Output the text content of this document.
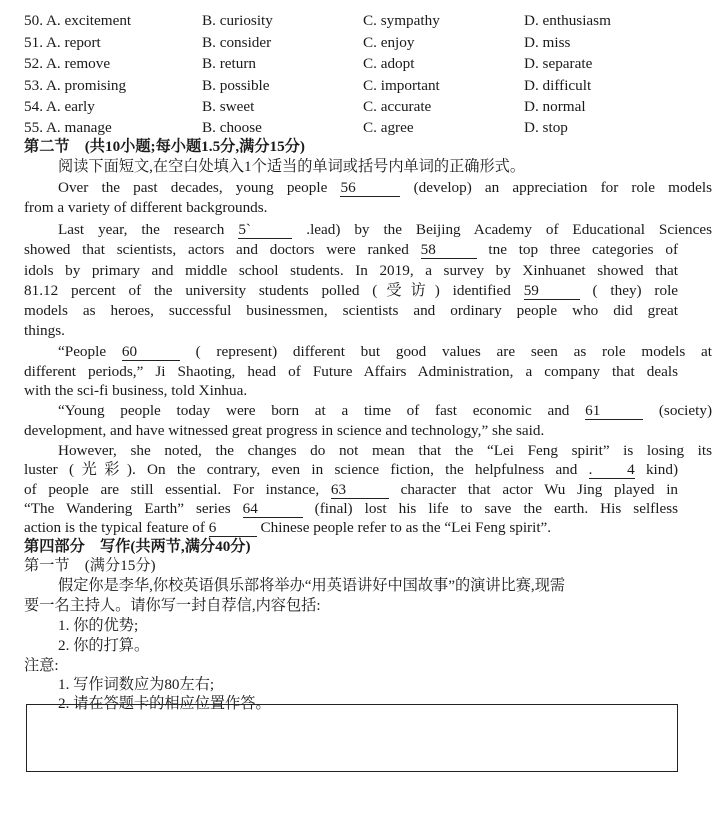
50. A. excitement	B. curiosity	C. sympathy	D. enthusiasm
51. A. report	B. consider	C. enjoy	D. miss
52. A. remove	B. return	C. adopt	D. separate
53. A. promising	B. possible	C. important	D. difficult
54. A. early	B. sweet	C. accurate	D. normal
55. A. manage	B. choose	C. agree	D. stop
第二节　(共10小题;每小题1.5分,满分15分)
阅读下面短文,在空白处填入1个适当的单词或括号内单词的正确形式。
Over the past decades, young people 56	(develop) an appreciation for role models
from a variety of different backgrounds.
Last year, the research 5`	.lead) by the Beijing Academy of Educational Sciences
showed that scientists, actors and doctors were ranked 58	tne top three categories of
idols by primary and middle school students. In 2019, a survey by Xinhuanet showed that
81.12 percent of the university students polled (受访) identified 59	( they) role
models as heroes, successful businessmen, scientists and ordinary people who did great
things.
“People 60	( represent) different but good values are seen as role models at
different periods,” Ji Shaoting, head of Future Affairs Administration, a company that deals
with the sci-fi business, told Xinhua.
“Young people today were born at a time of fast economic and 61	(society)
development, and have witnessed great progress in science and technology,” she said.
However, she noted, the changes do not mean that the “Lei Feng spirit” is losing its
luster (光彩). On the contrary, even in science fiction, the helpfulness and . 4 kind)
of people are still essential. For instance, 63	character that actor Wu Jing played in
“The Wandering Earth” series 64	(final) lost his life to save the earth. His selfless
action is the typical feature of 6	Chinese people refer to as the “Lei Feng spirit”.
第四部分　写作(共两节,满分40分)
第一节　(满分15分)
假定你是李华,你校英语俱乐部将举办“用英语讲好中国故事”的演讲比赛,现需
要一名主持人。请你写一封自荐信,内容包括:
1. 你的优势;
2. 你的打算。
注意:
1. 写作词数应为80左右;
2. 请在答题卡的相应位置作答。
